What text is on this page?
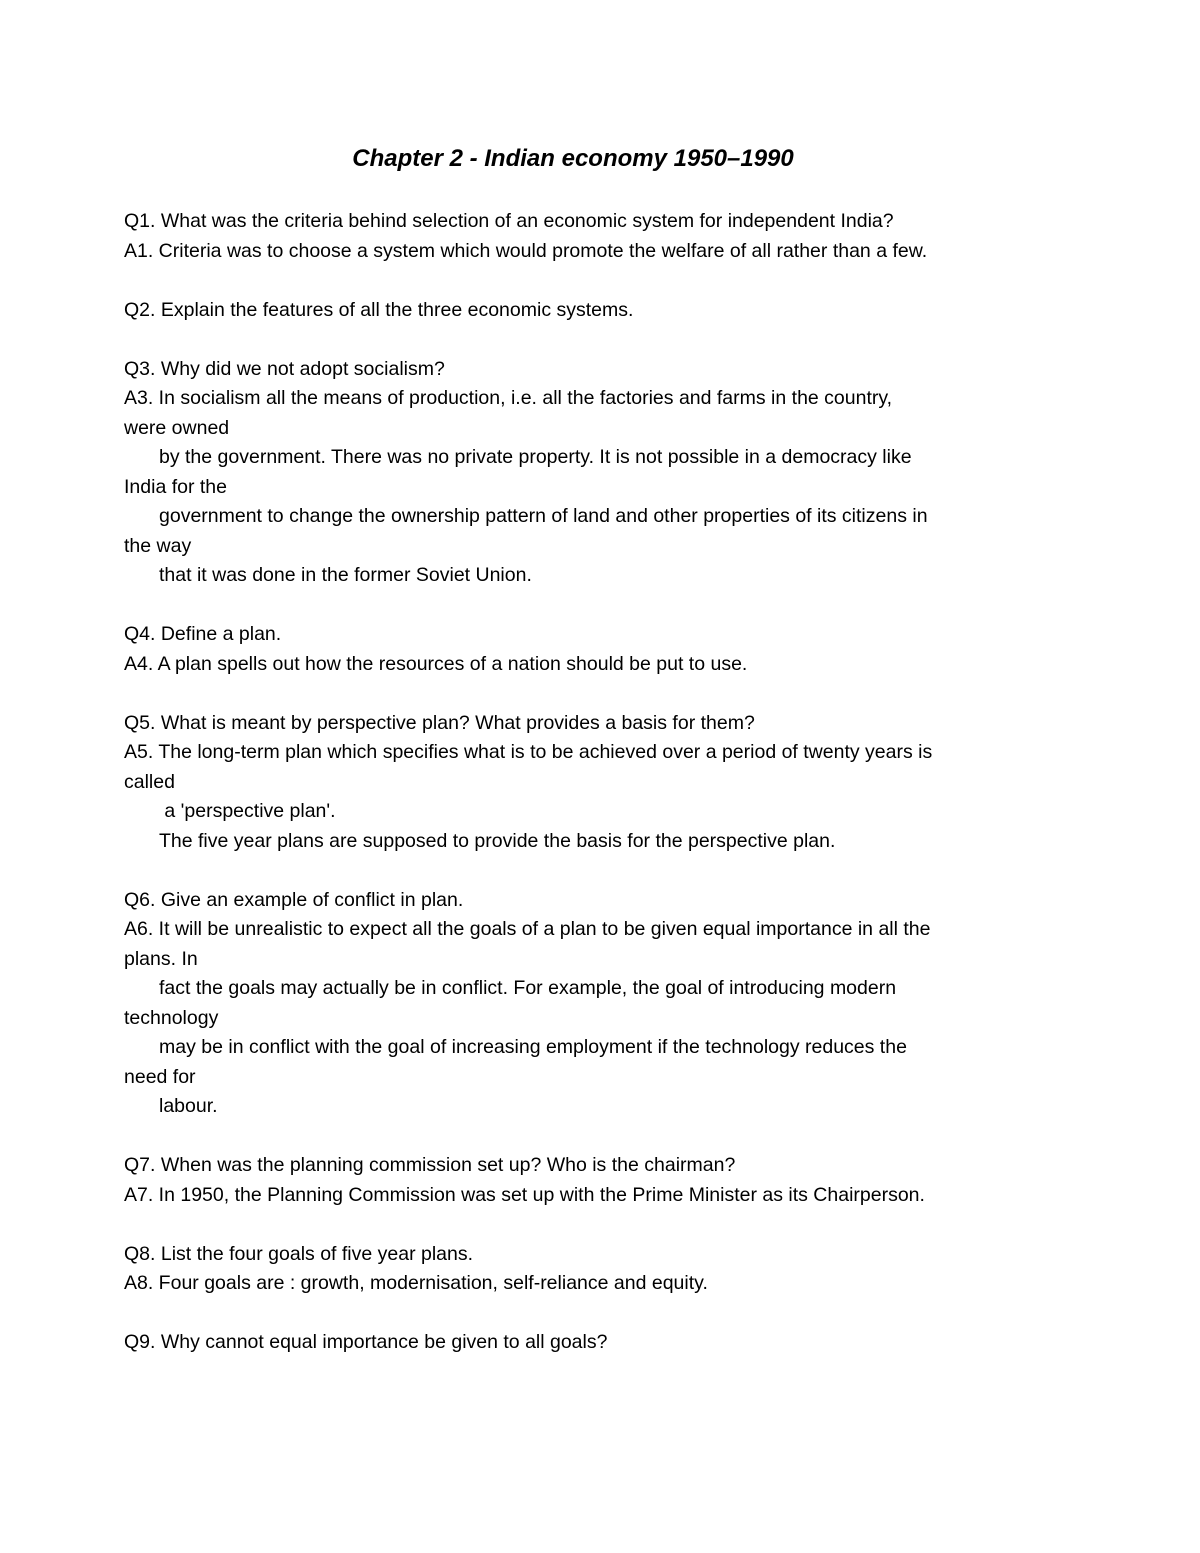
Chapter 2 - Indian economy 1950–1990
Q1. What was the criteria behind selection of an economic system for independent India?
A1. Criteria was to choose a system which would promote the welfare of all rather than a few.
Q2. Explain the features of all the three economic systems.
Q3. Why did we not adopt socialism?
A3. In socialism all the means of production, i.e. all the factories and farms in the country,
were owned
by the government. There was no private property. It is not possible in a democracy like
India for the
government to change the ownership pattern of land and other properties of its citizens in
the way
that it was done in the former Soviet Union.
Q4. Define a plan.
A4. A plan spells out how the resources of a nation should be put to use.
Q5. What is meant by perspective plan? What provides a basis for them?
A5. The long-term plan which specifies what is to be achieved over a period of twenty years is
called
a 'perspective plan'.
The five year plans are supposed to provide the basis for the perspective plan.
Q6. Give an example of conflict in plan.
A6. It will be unrealistic to expect all the goals of a plan to be given equal importance in all the
plans. In
fact the goals may actually be in conflict. For example, the goal of introducing modern
technology
may be in conflict with the goal of increasing employment if the technology reduces the
need for
labour.
Q7. When was the planning commission set up? Who is the chairman?
A7. In 1950, the Planning Commission was set up with the Prime Minister as its Chairperson.
Q8. List the four goals of five year plans.
A8. Four goals are : growth, modernisation, self-reliance and equity.
Q9. Why cannot equal importance be given to all goals?
